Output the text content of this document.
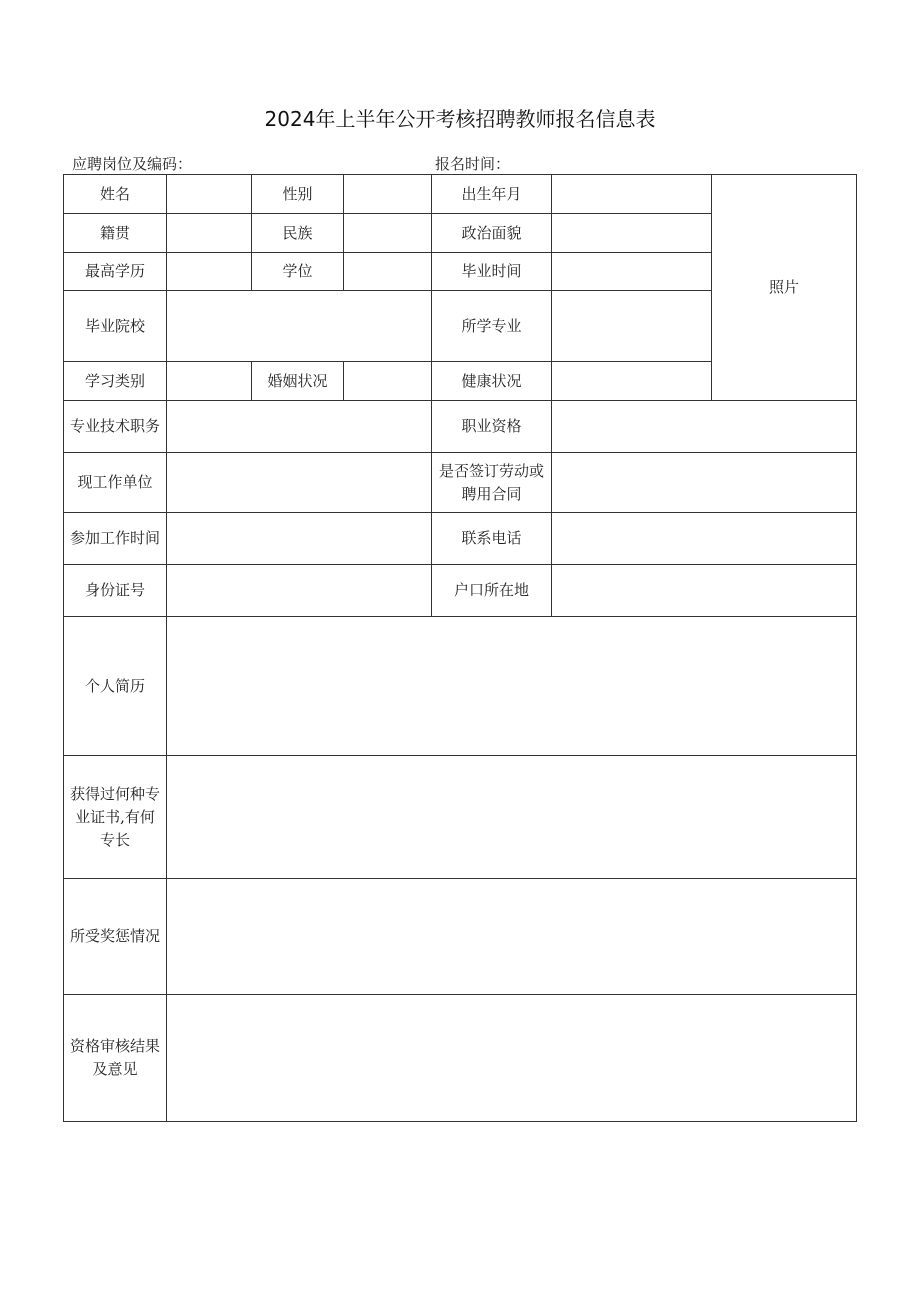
2024年上半年公开考核招聘教师报名信息表
应聘岗位及编码：	报名时间：
姓名		性别		出生年月		照片
籍贯		民族		政治面貌		
最高学历		学位		毕业时间		
毕业院校				所学专业		
学习类别		婚姻状况		健康状况		
专业技术职务				职业资格		
现工作单位				是否签订劳动或聘用合同		
参加工作时间				联系电话		
身份证号				户口所在地		
个人简历						
获得过何种专业证书,有何专长						
所受奖惩情况						
资格审核结果及意见						
